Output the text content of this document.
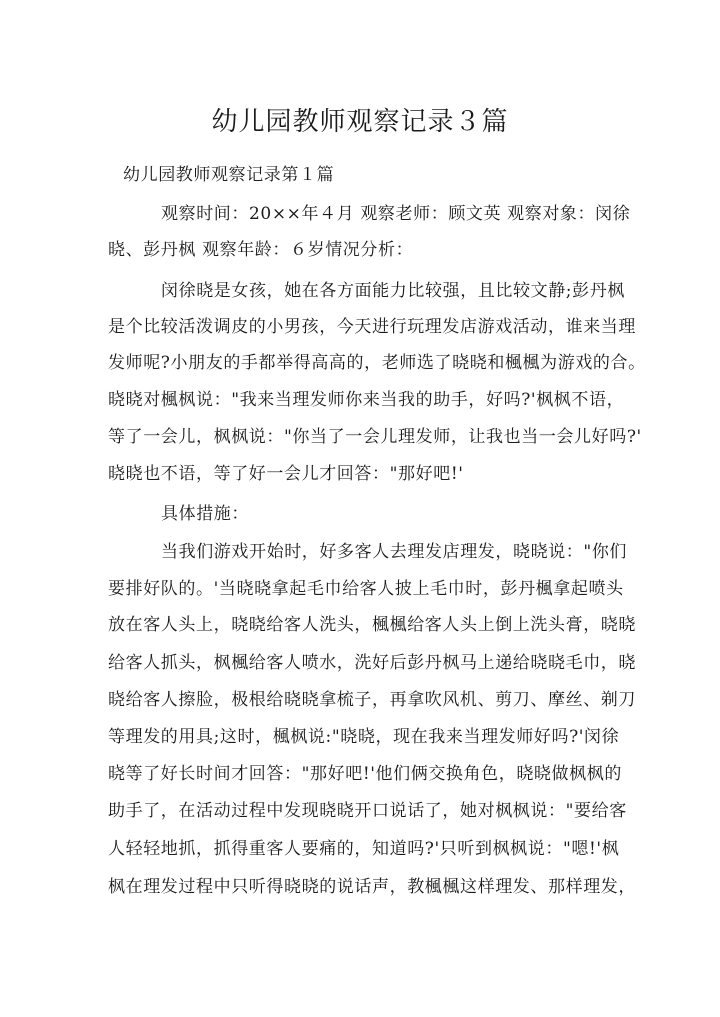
幼儿园教师观察记录３篇
幼儿园教师观察记录第１篇
观察时间：20××年４月 观察老师：顾文英 观察对象：闵徐
晓、彭丹枫 观察年龄：６岁情况分析：
闵徐晓是女孩，她在各方面能力比较强，且比较文静;彭丹枫
是个比较活泼调皮的小男孩，今天进行玩理发店游戏活动，谁来当理
发师呢?小朋友的手都举得高高的，老师选了晓晓和楓楓为游戏的合。
晓晓对楓枫说："我来当理发师你来当我的助手，好吗?'枫枫不语，
等了一会儿，枫枫说："你当了一会儿理发师，让我也当一会儿好吗?'
晓晓也不语，等了好一会儿才回答："那好吧!'
具体措施：
当我们游戏开始时，好多客人去理发店理发，晓晓说："你们
要排好队的。'当晓晓拿起毛巾给客人披上毛巾时，彭丹楓拿起喷头
放在客人头上，晓晓给客人洗头，楓楓给客人头上倒上洗头膏，晓晓
给客人抓头，枫楓给客人喷水，洗好后彭丹枫马上递给晓晓毛巾，晓
晓给客人擦脸，极根给晓晓拿梳子，再拿吹风机、剪刀、摩丝、剃刀
等理发的用具;这时，楓枫说:"晓晓，现在我来当理发师好吗?'闵徐
晓等了好长时间才回答："那好吧!'他们俩交换角色，晓晓做枫枫的
助手了，在活动过程中发现晓晓开口说话了，她对枫枫说："要给客
人轻轻地抓，抓得重客人要痛的，知道吗?'只听到枫枫说："嗯!'枫
枫在理发过程中只听得晓晓的说话声，教楓楓这样理发、那样理发，
